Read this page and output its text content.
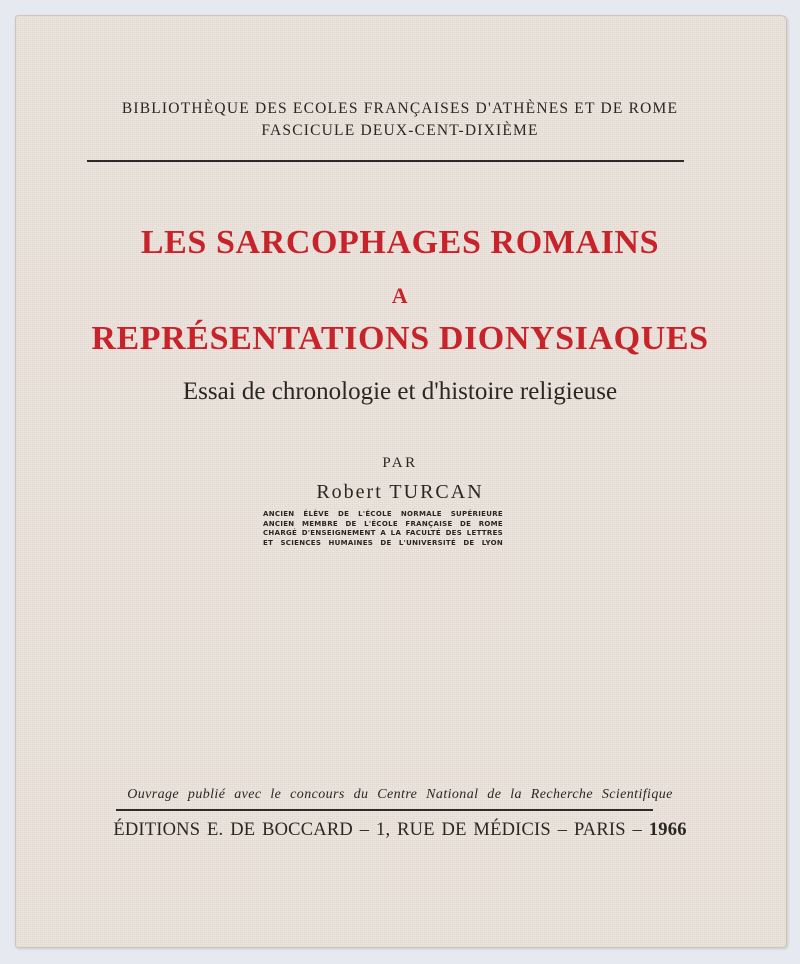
BIBLIOTHÈQUE DES ECOLES FRANÇAISES D'ATHÈNES ET DE ROME
FASCICULE DEUX-CENT-DIXIÈME
LES SARCOPHAGES ROMAINS
A
REPRÉSENTATIONS DIONYSIAQUES
Essai de chronologie et d'histoire religieuse
PAR
Robert TURCAN
ANCIEN ÉLÈVE DE L'ÉCOLE NORMALE SUPÉRIEURE
ANCIEN MEMBRE DE L'ÉCOLE FRANÇAISE DE ROME
CHARGÉ D'ENSEIGNEMENT A LA FACULTÉ DES LETTRES
ET SCIENCES HUMAINES DE L'UNIVERSITÉ DE LYON
Ouvrage publié avec le concours du Centre National de la Recherche Scientifique
ÉDITIONS E. DE BOCCARD – 1, RUE DE MÉDICIS – PARIS – 1966
